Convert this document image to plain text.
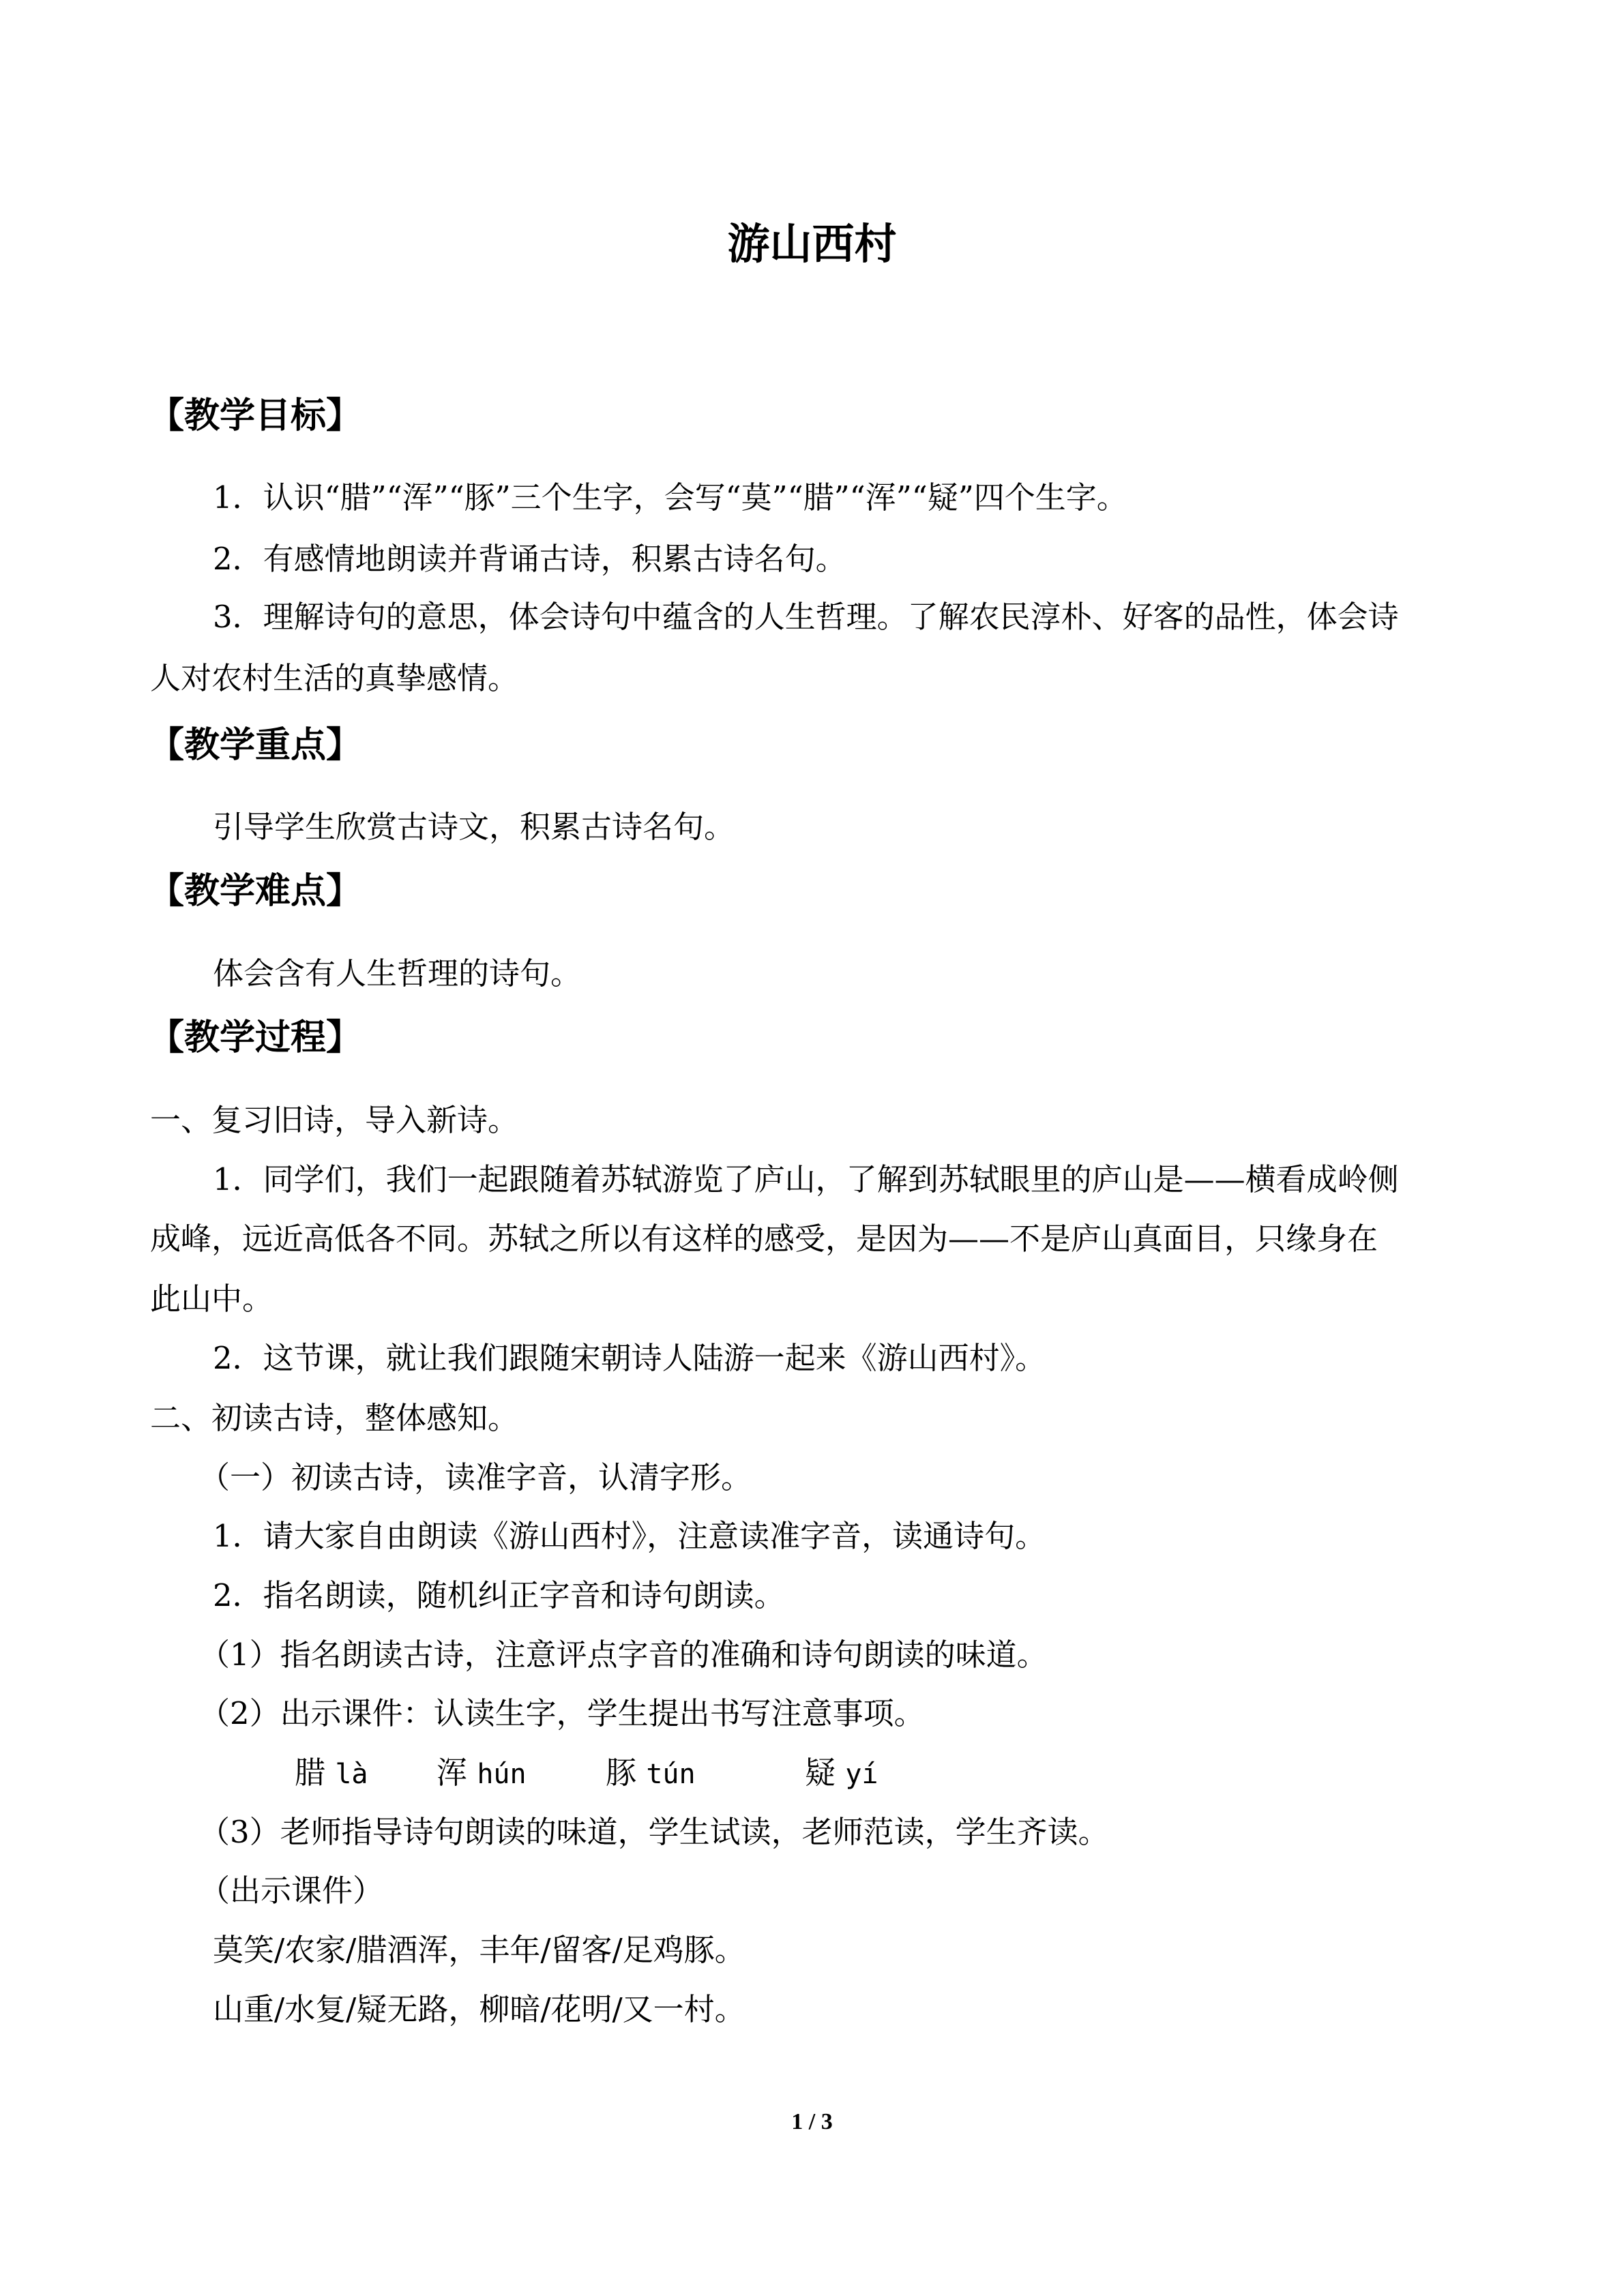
游山西村
【教学目标】
1．认识“腊”“浑”“豚”三个生字，会写“莫”“腊”“浑”“疑”四个生字。
2．有感情地朗读并背诵古诗，积累古诗名句。
3．理解诗句的意思，体会诗句中蕴含的人生哲理。了解农民淳朴、好客的品性，体会诗
人对农村生活的真挚感情。
【教学重点】
引导学生欣赏古诗文，积累古诗名句。
【教学难点】
体会含有人生哲理的诗句。
【教学过程】
一、复习旧诗，导入新诗。
1．同学们，我们一起跟随着苏轼游览了庐山，了解到苏轼眼里的庐山是——横看成岭侧
成峰，远近高低各不同。苏轼之所以有这样的感受，是因为——不是庐山真面目，只缘身在
此山中。
2．这节课，就让我们跟随宋朝诗人陆游一起来《游山西村》。
二、初读古诗，整体感知。
（一）初读古诗，读准字音，认清字形。
1．请大家自由朗读《游山西村》，注意读准字音，读通诗句。
2．指名朗读，随机纠正字音和诗句朗读。
（1）指名朗读古诗，注意评点字音的准确和诗句朗读的味道。
（2）出示课件：认读生字，学生提出书写注意事项。
腊 là 浑 hún	豚 tún	疑 yí
（3）老师指导诗句朗读的味道，学生试读，老师范读，学生齐读。
（出示课件）
莫笑/农家/腊酒浑，丰年/留客/足鸡豚。
山重/水复/疑无路，柳暗/花明/又一村。
1 / 3
